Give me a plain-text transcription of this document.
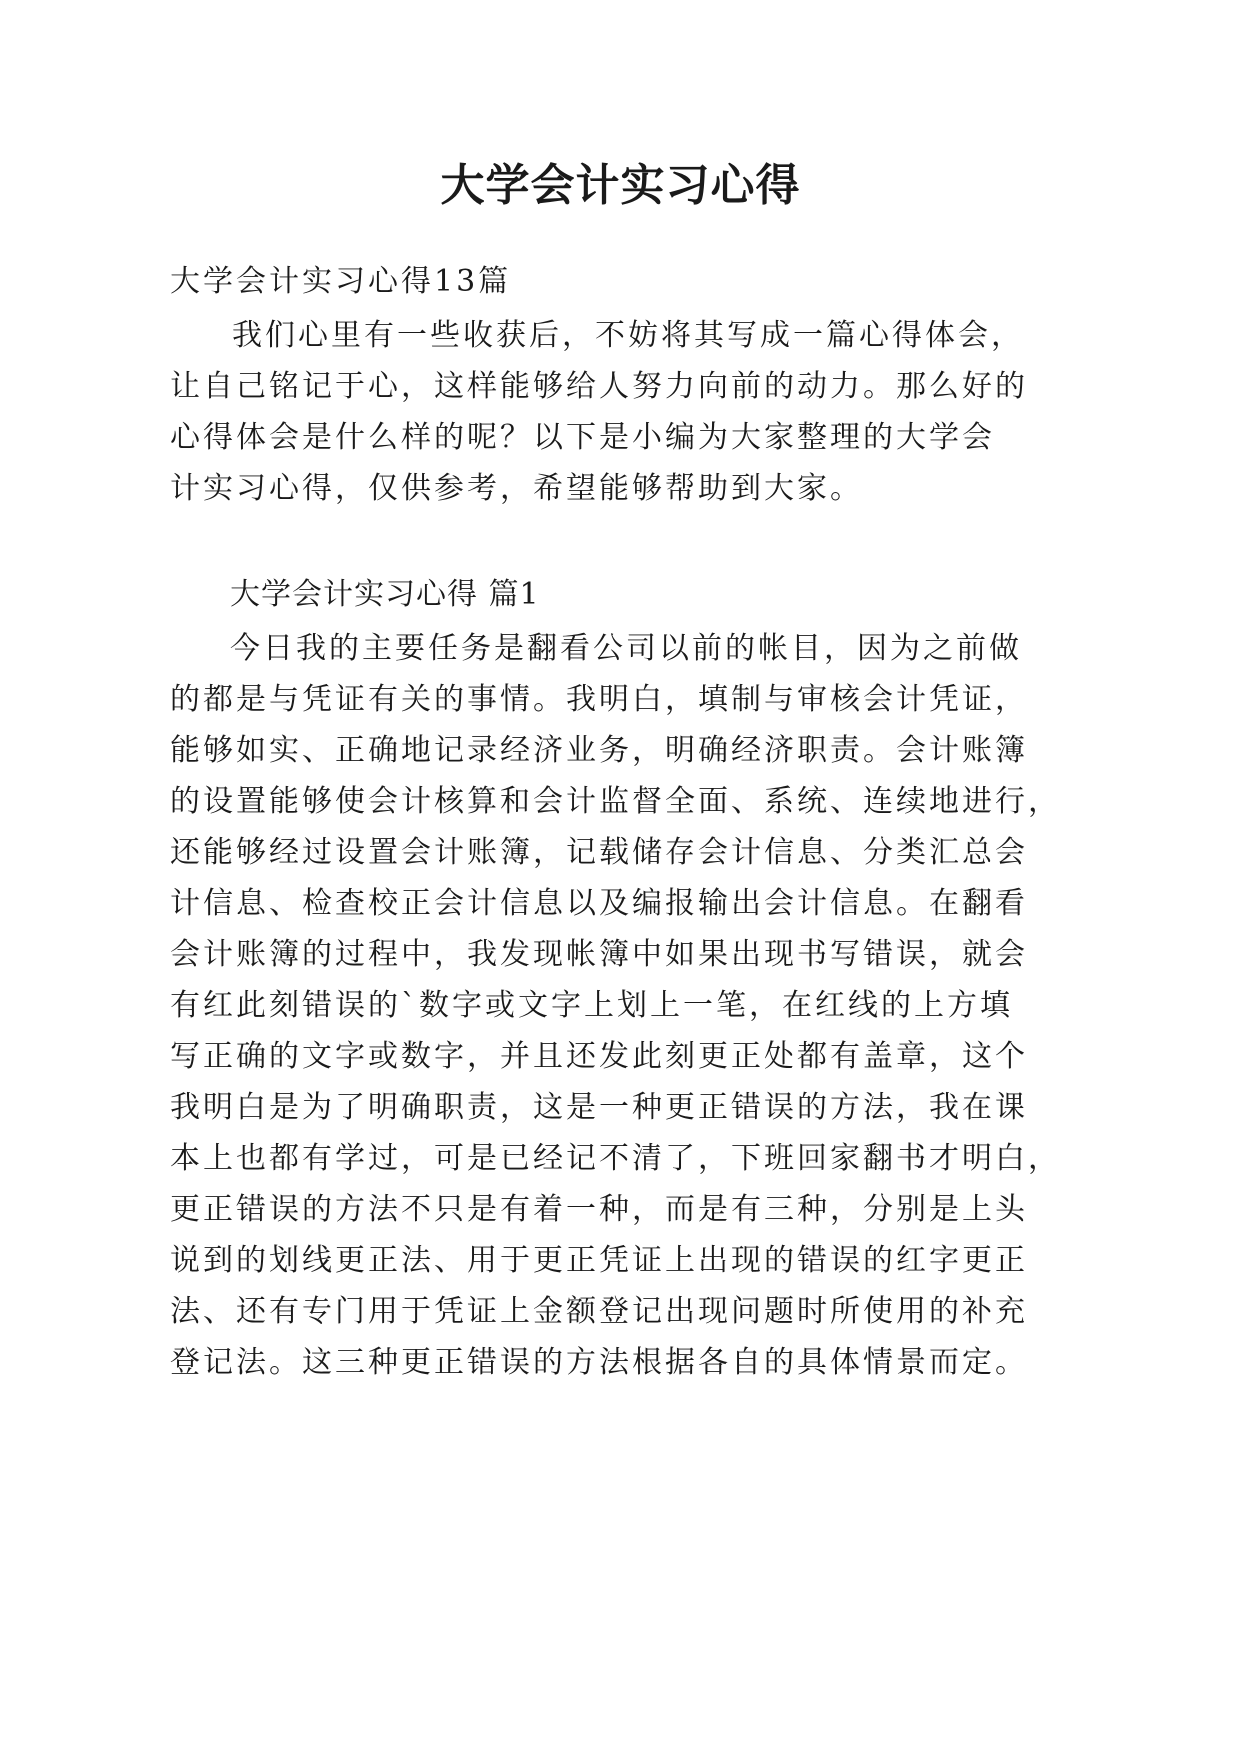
大学会计实习心得
大学会计实习心得13篇
我们心里有一些收获后，不妨将其写成一篇心得体会，
让自己铭记于心，这样能够给人努力向前的动力。那么好的
心得体会是什么样的呢？以下是小编为大家整理的大学会
计实习心得，仅供参考，希望能够帮助到大家。
大学会计实习心得 篇1
今日我的主要任务是翻看公司以前的帐目，因为之前做
的都是与凭证有关的事情。我明白，填制与审核会计凭证，
能够如实、正确地记录经济业务，明确经济职责。会计账簿
的设置能够使会计核算和会计监督全面、系统、连续地进行，
还能够经过设置会计账簿，记载储存会计信息、分类汇总会
计信息、检查校正会计信息以及编报输出会计信息。在翻看
会计账簿的过程中，我发现帐簿中如果出现书写错误，就会
有红此刻错误的`数字或文字上划上一笔，在红线的上方填
写正确的文字或数字，并且还发此刻更正处都有盖章，这个
我明白是为了明确职责，这是一种更正错误的方法，我在课
本上也都有学过，可是已经记不清了，下班回家翻书才明白，
更正错误的方法不只是有着一种，而是有三种，分别是上头
说到的划线更正法、用于更正凭证上出现的错误的红字更正
法、还有专门用于凭证上金额登记出现问题时所使用的补充
登记法。这三种更正错误的方法根据各自的具体情景而定。
